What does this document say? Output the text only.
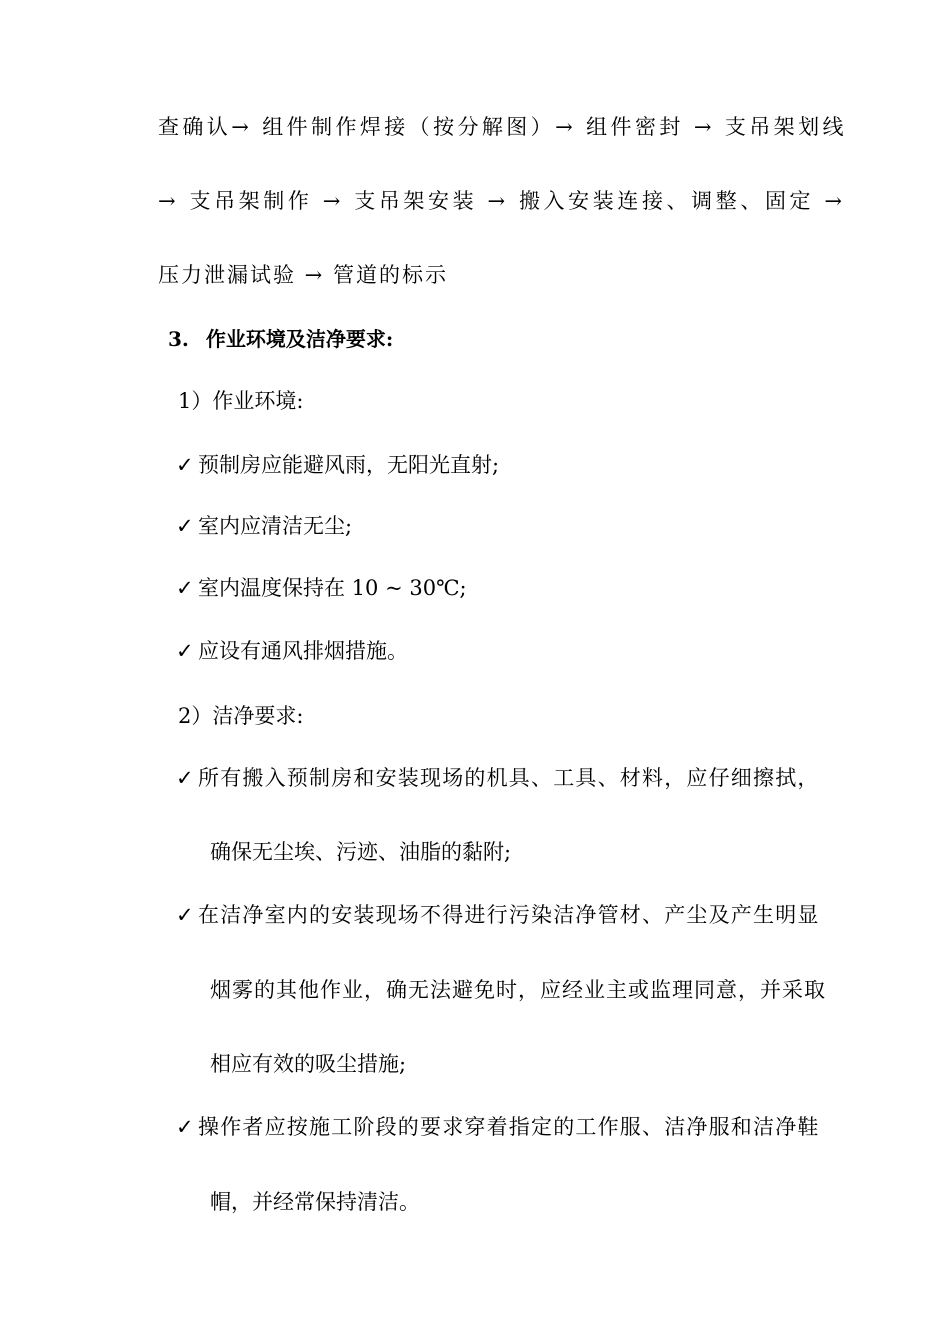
查确认→ 组件制作焊接（按分解图）→ 组件密封 → 支吊架划线
→ 支吊架制作 → 支吊架安装 → 搬入安装连接、调整、固定 →
压力泄漏试验 → 管道的标示
3. 作业环境及洁净要求:
1）作业环境:
✓ 预制房应能避风雨，无阳光直射;
✓ 室内应清洁无尘;
✓ 室内温度保持在 10 ~ 30℃;
✓ 应设有通风排烟措施。
2）洁净要求:
✓ 所有搬入预制房和安装现场的机具、工具、材料，应仔细擦拭，
确保无尘埃、污迹、油脂的黏附;
✓ 在洁净室内的安装现场不得进行污染洁净管材、产尘及产生明显
烟雾的其他作业，确无法避免时，应经业主或监理同意，并采取
相应有效的吸尘措施;
✓ 操作者应按施工阶段的要求穿着指定的工作服、洁净服和洁净鞋
帽，并经常保持清洁。
